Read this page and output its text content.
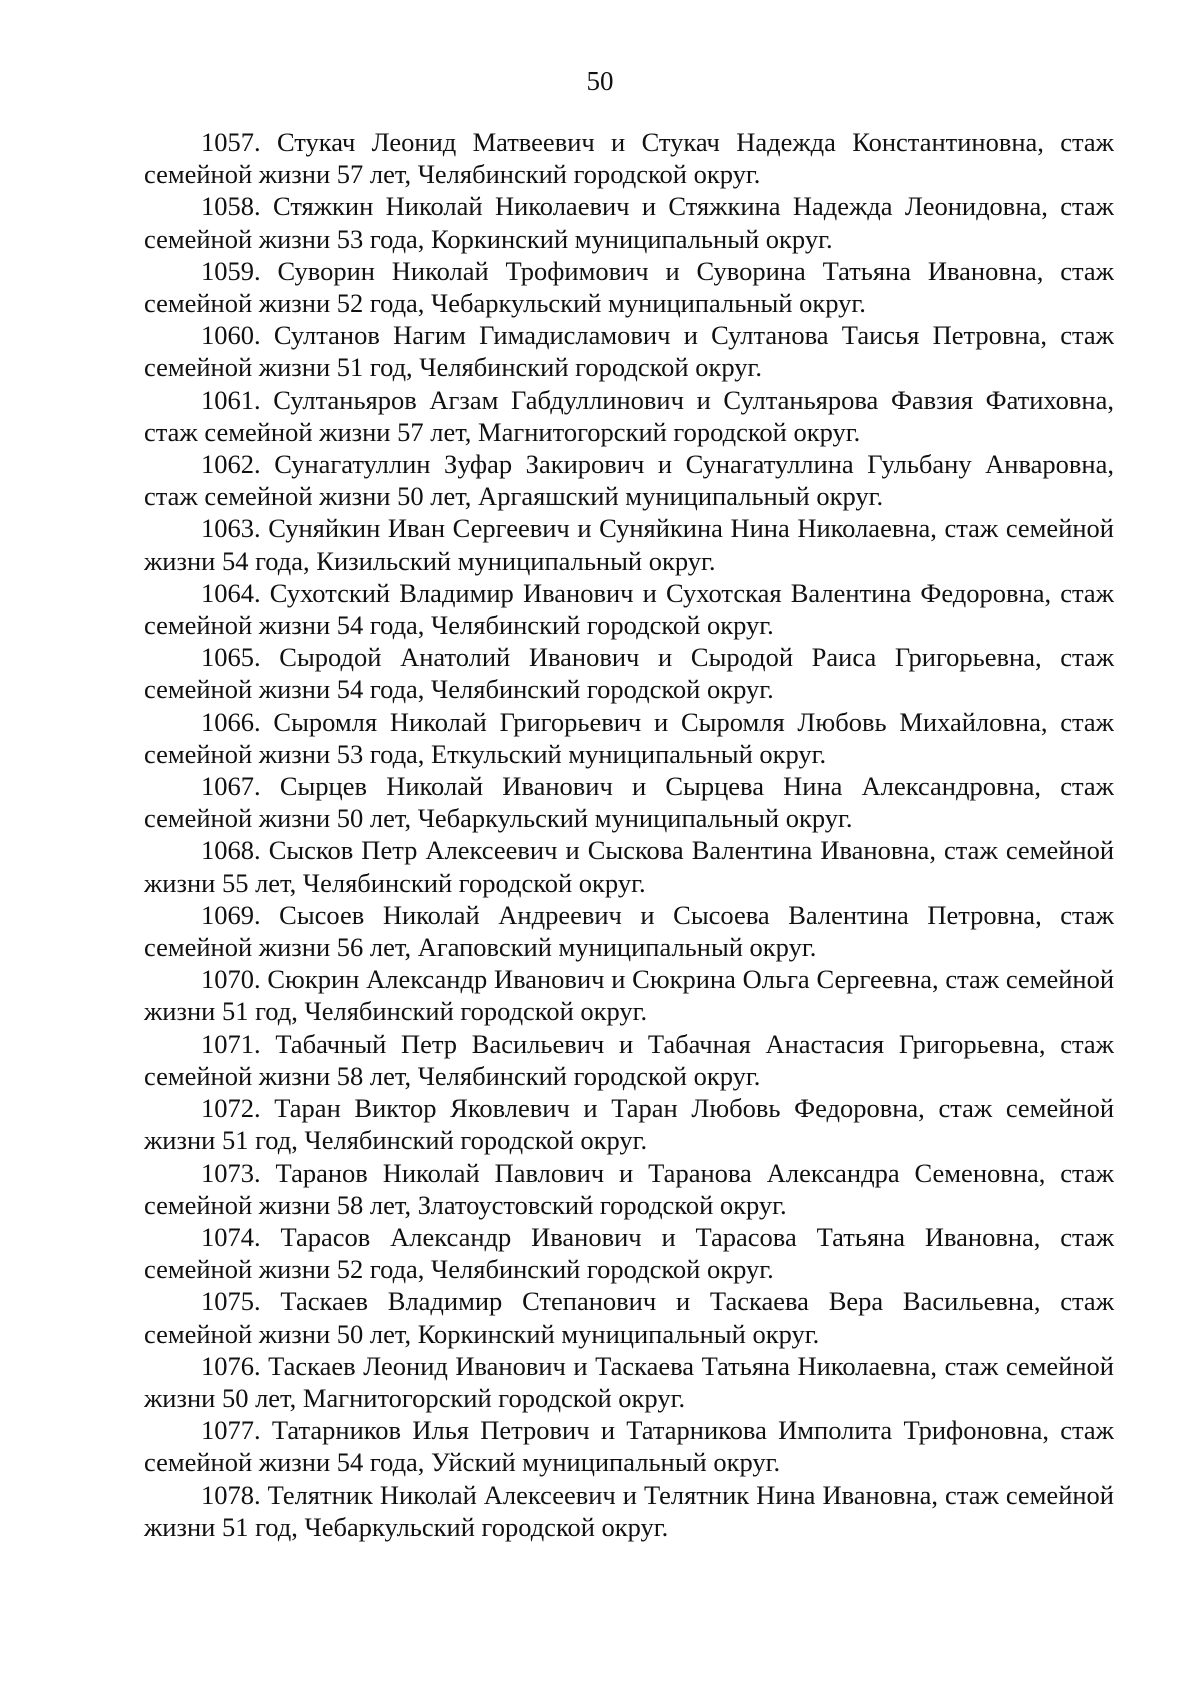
50

1057. Стукач Леонид Матвеевич и Стукач Надежда Константиновна, стаж семейной жизни 57 лет, Челябинский городской округ.

1058. Стяжкин Николай Николаевич и Стяжкина Надежда Леонидовна, стаж семейной жизни 53 года, Коркинский муниципальный округ.

1059. Суворин Николай Трофимович и Суворина Татьяна Ивановна, стаж семейной жизни 52 года, Чебаркульский муниципальный округ.

1060. Султанов Нагим Гимадисламович и Султанова Таисья Петровна, стаж семейной жизни 51 год, Челябинский городской округ.

1061. Султаньяров Агзам Габдуллинович и Султаньярова Фавзия Фатиховна, стаж семейной жизни 57 лет, Магнитогорский городской округ.

1062. Сунагатуллин Зуфар Закирович и Сунагатуллина Гульбану Анваровна, стаж семейной жизни 50 лет, Аргаяшский муниципальный округ.

1063. Суняйкин Иван Сергеевич и Суняйкина Нина Николаевна, стаж семейной жизни 54 года, Кизильский муниципальный округ.

1064. Сухотский Владимир Иванович и Сухотская Валентина Федоровна, стаж семейной жизни 54 года, Челябинский городской округ.

1065. Сыродой Анатолий Иванович и Сыродой Раиса Григорьевна, стаж семейной жизни 54 года, Челябинский городской округ.

1066. Сыромля Николай Григорьевич и Сыромля Любовь Михайловна, стаж семейной жизни 53 года, Еткульский муниципальный округ.

1067. Сырцев Николай Иванович и Сырцева Нина Александровна, стаж семейной жизни 50 лет, Чебаркульский муниципальный округ.

1068. Сысков Петр Алексеевич и Сыскова Валентина Ивановна, стаж семейной жизни 55 лет, Челябинский городской округ.

1069. Сысоев Николай Андреевич и Сысоева Валентина Петровна, стаж семейной жизни 56 лет, Агаповский муниципальный округ.

1070. Сюкрин Александр Иванович и Сюкрина Ольга Сергеевна, стаж семейной жизни 51 год, Челябинский городской округ.

1071. Табачный Петр Васильевич и Табачная Анастасия Григорьевна, стаж семейной жизни 58 лет, Челябинский городской округ.

1072. Таран Виктор Яковлевич и Таран Любовь Федоровна, стаж семейной жизни 51 год, Челябинский городской округ.

1073. Таранов Николай Павлович и Таранова Александра Семеновна, стаж семейной жизни 58 лет, Златоустовский городской округ.

1074. Тарасов Александр Иванович и Тарасова Татьяна Ивановна, стаж семейной жизни 52 года, Челябинский городской округ.

1075. Таскаев Владимир Степанович и Таскаева Вера Васильевна, стаж семейной жизни 50 лет, Коркинский муниципальный округ.

1076. Таскаев Леонид Иванович и Таскаева Татьяна Николаевна, стаж семейной жизни 50 лет, Магнитогорский городской округ.

1077. Татарников Илья Петрович и Татарникова Имполита Трифоновна, стаж семейной жизни 54 года, Уйский муниципальный округ.

1078. Телятник Николай Алексеевич и Телятник Нина Ивановна, стаж семейной жизни 51 год, Чебаркульский городской округ.
